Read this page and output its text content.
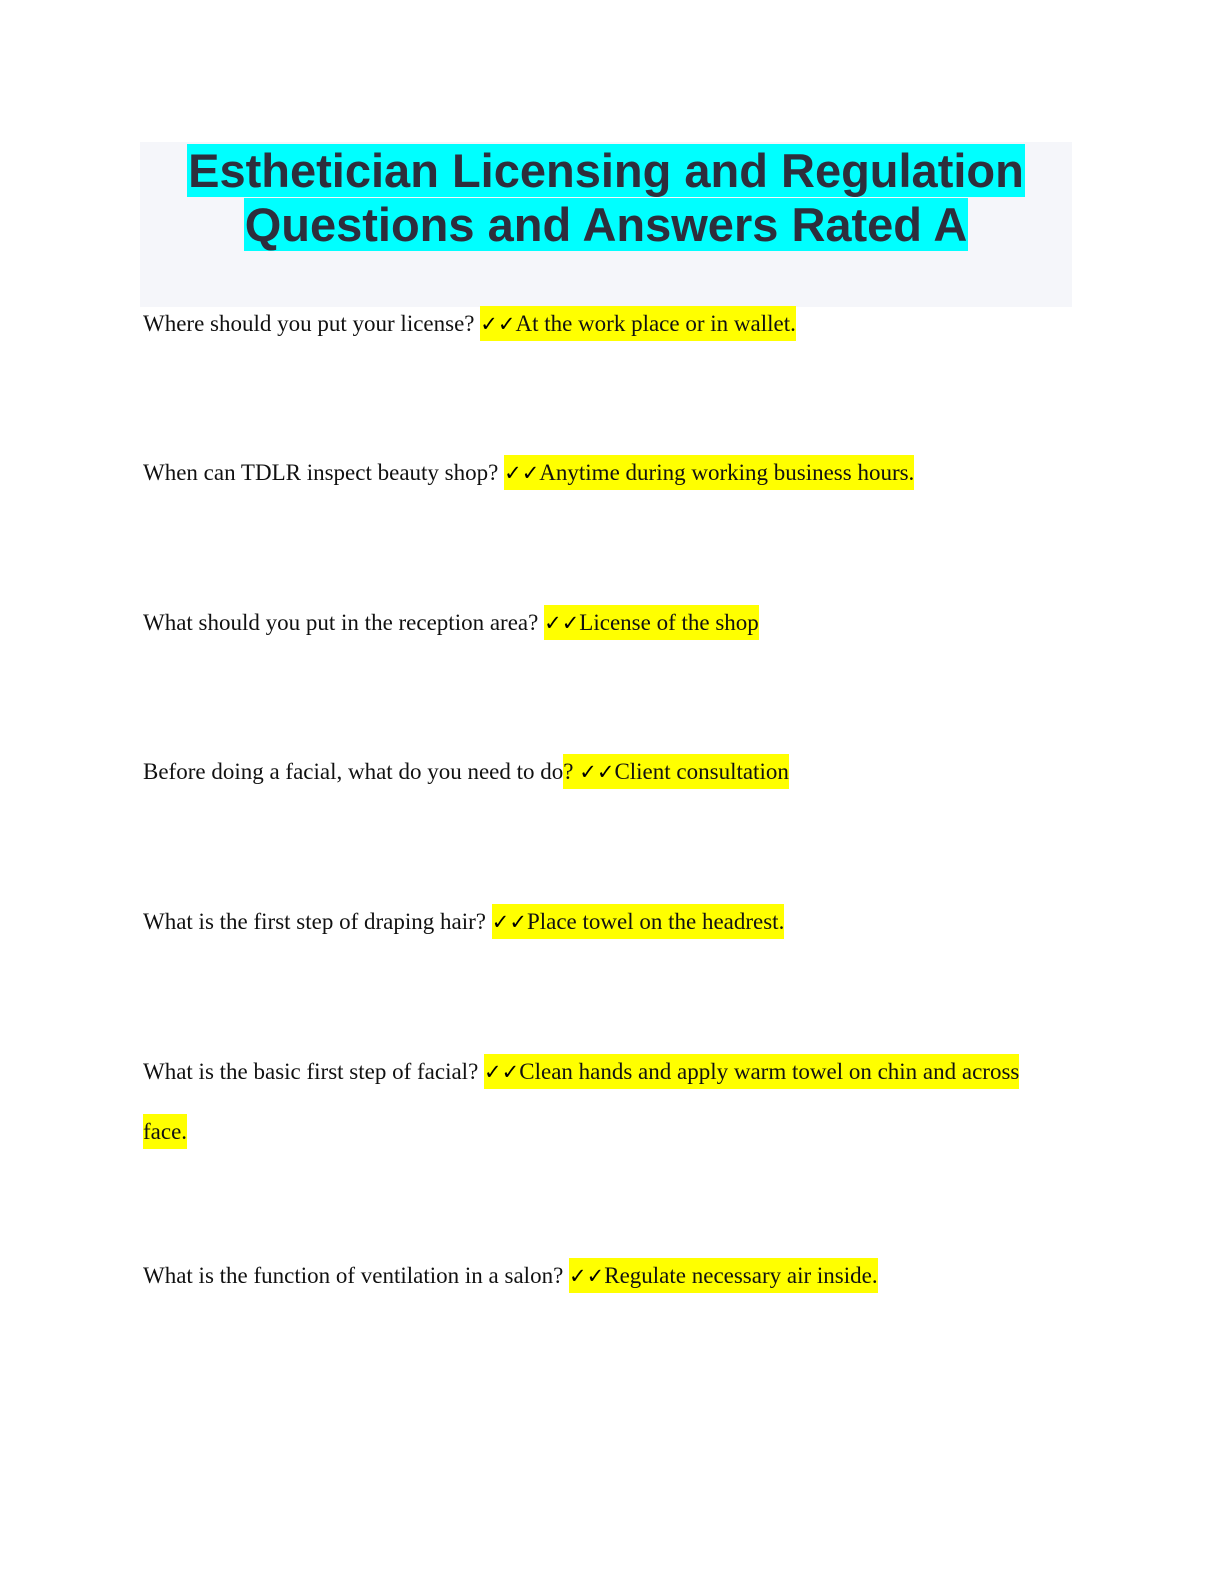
Esthetician Licensing and Regulation
Questions and Answers Rated A

Where should you put your license? ✓✓At the work place or in wallet.

When can TDLR inspect beauty shop? ✓✓Anytime during working business hours.

What should you put in the reception area? ✓✓License of the shop

Before doing a facial, what do you need to do? ✓✓Client consultation

What is the first step of draping hair? ✓✓Place towel on the headrest.

What is the basic first step of facial? ✓✓Clean hands and apply warm towel on chin and across face.

What is the function of ventilation in a salon? ✓✓Regulate necessary air inside.
